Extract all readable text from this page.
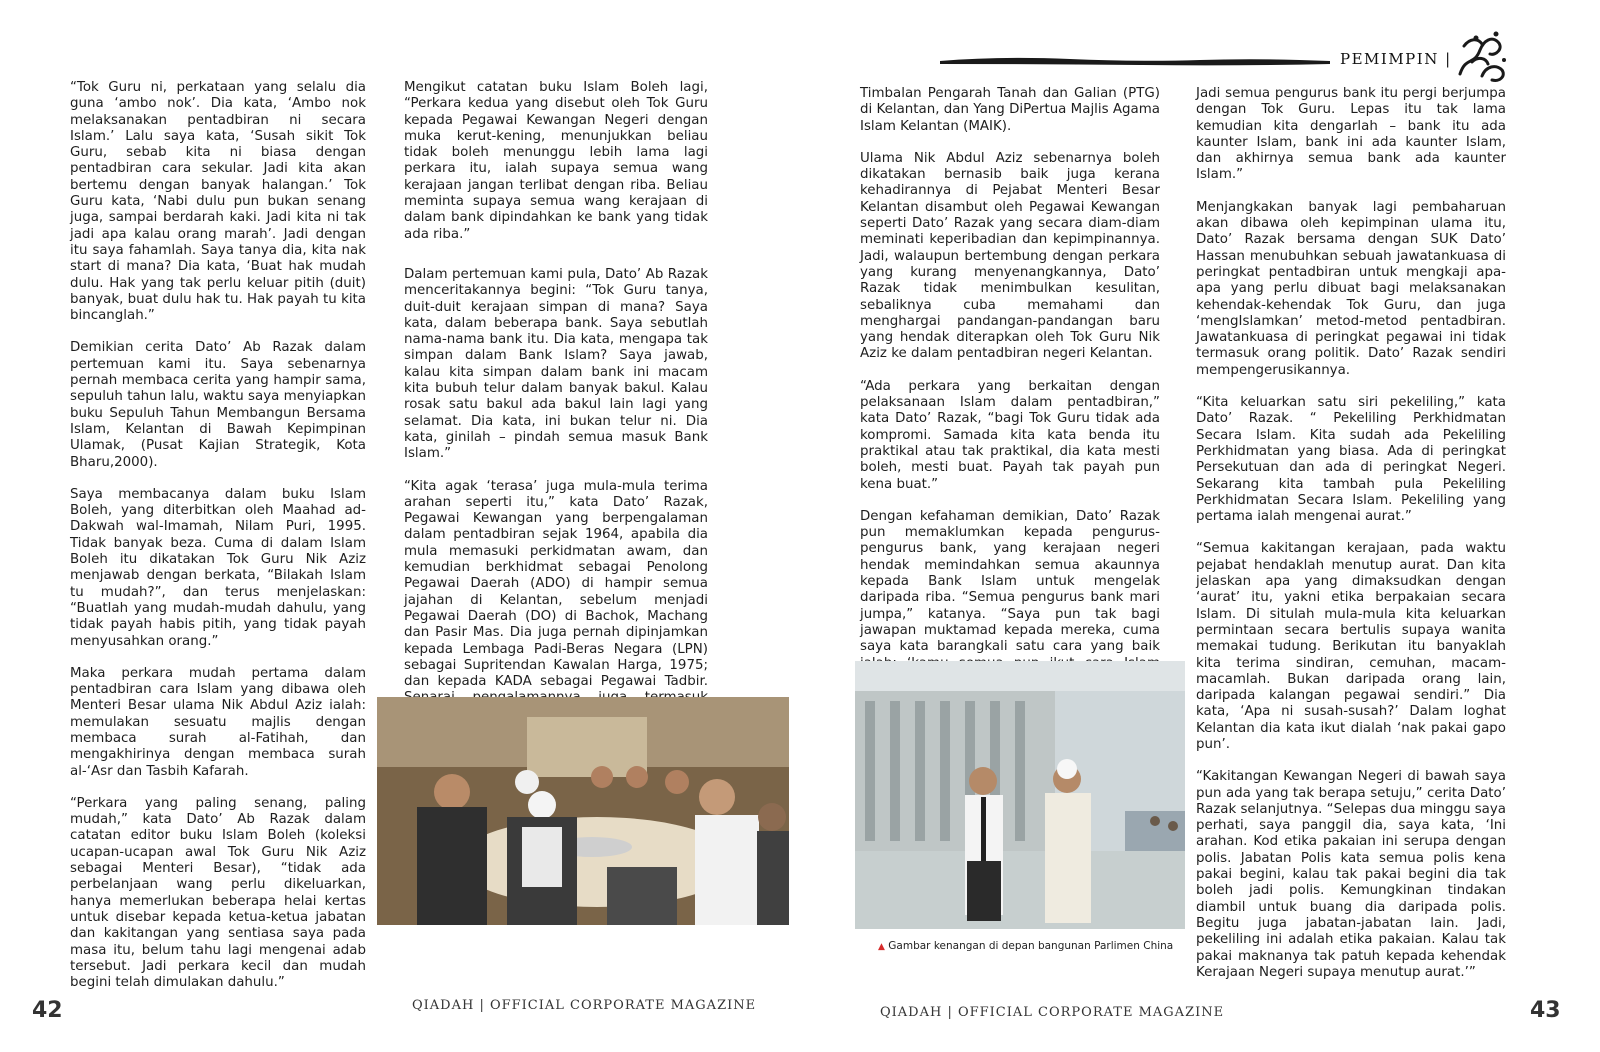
PEMIMPIN |

“Tok Guru ni, perkataan yang selalu dia guna ‘ambo nok’. Dia kata, ‘Ambo nok melaksanakan pentadbiran ni secara Islam.’ Lalu saya kata, ‘Susah sikit Tok Guru, sebab kita ni biasa dengan pentadbiran cara sekular. Jadi kita akan bertemu dengan banyak halangan.’ Tok Guru kata, ‘Nabi dulu pun bukan senang juga, sampai berdarah kaki. Jadi kita ni tak jadi apa kalau orang marah’. Jadi dengan itu saya fahamlah. Saya tanya dia, kita nak start di mana? Dia kata, ‘Buat hak mudah dulu. Hak yang tak perlu keluar pitih (duit) banyak, buat dulu hak tu. Hak payah tu kita bincanglah.”

Demikian cerita Dato’ Ab Razak dalam pertemuan kami itu. Saya sebenarnya pernah membaca cerita yang hampir sama, sepuluh tahun lalu, waktu saya menyiapkan buku Sepuluh Tahun Membangun Bersama Islam, Kelantan di Bawah Kepimpinan Ulamak, (Pusat Kajian Strategik, Kota Bharu,2000).

Saya membacanya dalam buku Islam Boleh, yang diterbitkan oleh Maahad ad-Dakwah wal-Imamah, Nilam Puri, 1995. Tidak banyak beza. Cuma di dalam Islam Boleh itu dikatakan Tok Guru Nik Aziz menjawab dengan berkata, “Bilakah Islam tu mudah?”, dan terus menjelaskan: “Buatlah yang mudah-mudah dahulu, yang tidak payah habis pitih, yang tidak payah menyusahkan orang.”

Maka perkara mudah pertama dalam pentadbiran cara Islam yang dibawa oleh Menteri Besar ulama Nik Abdul Aziz ialah: memulakan sesuatu majlis dengan membaca surah al-Fatihah, dan mengakhirinya dengan membaca surah al-‘Asr dan Tasbih Kafarah.

“Perkara yang paling senang, paling mudah,” kata Dato’ Ab Razak dalam catatan editor buku Islam Boleh (koleksi ucapan-ucapan awal Tok Guru Nik Aziz sebagai Menteri Besar), “tidak ada perbelanjaan wang perlu dikeluarkan, hanya memerlukan beberapa helai kertas untuk disebar kepada ketua-ketua jabatan dan kakitangan yang sentiasa saya pada masa itu, belum tahu lagi mengenai adab tersebut. Jadi perkara kecil dan mudah begini telah dimulakan dahulu.”

Mengikut catatan buku Islam Boleh lagi, “Perkara kedua yang disebut oleh Tok Guru kepada Pegawai Kewangan Negeri dengan muka kerut-kening, menunjukkan beliau tidak boleh menunggu lebih lama lagi perkara itu, ialah supaya semua wang kerajaan jangan terlibat dengan riba. Beliau meminta supaya semua wang kerajaan di dalam bank dipindahkan ke bank yang tidak ada riba.”

Dalam pertemuan kami pula, Dato’ Ab Razak menceritakannya begini: “Tok Guru tanya, duit-duit kerajaan simpan di mana? Saya kata, dalam beberapa bank. Saya sebutlah nama-nama bank itu. Dia kata, mengapa tak simpan dalam Bank Islam? Saya jawab, kalau kita simpan dalam bank ini macam kita bubuh telur dalam banyak bakul. Kalau rosak satu bakul ada bakul lain lagi yang selamat. Dia kata, ini bukan telur ni. Dia kata, ginilah – pindah semua masuk Bank Islam.”

“Kita agak ‘terasa’ juga mula-mula terima arahan seperti itu,” kata Dato’ Razak, Pegawai Kewangan yang berpengalaman dalam pentadbiran sejak 1964, apabila dia mula memasuki perkidmatan awam, dan kemudian berkhidmat sebagai Penolong Pegawai Daerah (ADO) di hampir semua jajahan di Kelantan, sebelum menjadi Pegawai Daerah (DO) di Bachok, Machang dan Pasir Mas. Dia juga pernah dipinjamkan kepada Lembaga Padi-Beras Negara (LPN) sebagai Supritendan Kawalan Harga, 1975; dan kepada KADA sebagai Pegawai Tadbir.

Timbalan Pengarah Tanah dan Galian (PTG) di Kelantan, dan Yang DiPertua Majlis Agama Islam Kelantan (MAIK).

Ulama Nik Abdul Aziz sebenarnya boleh dikatakan bernasib baik juga kerana kehadirannya di Pejabat Menteri Besar Kelantan disambut oleh Pegawai Kewangan seperti Dato’ Razak yang secara diam-diam meminati keperibadian dan kepimpinannya. Jadi, walaupun bertembung dengan perkara yang kurang menyenangkannya, Dato’ Razak tidak menimbulkan kesulitan, sebaliknya cuba memahami dan menghargai pandangan-pandangan baru yang hendak diterapkan oleh Tok Guru Nik Aziz ke dalam pentadbiran negeri Kelantan.

“Ada perkara yang berkaitan dengan pelaksanaan Islam dalam pentadbiran,” kata Dato’ Razak, “bagi Tok Guru tidak ada kompromi. Samada kita kata benda itu praktikal atau tak praktikal, dia kata mesti boleh, mesti buat. Payah tak payah pun kena buat.”

Dengan kefahaman demikian, Dato’ Razak pun memaklumkan kepada pengurus-pengurus bank, yang kerajaan negeri hendak memindahkan semua akaunnya kepada Bank Islam untuk mengelak daripada riba. “Semua pengurus bank mari jumpa,” katanya. “Saya pun tak bagi jawapan muktamad kepada mereka, cuma saya kata barangkali satu cara yang baik

Jadi semua pengurus bank itu pergi berjumpa dengan Tok Guru. Lepas itu tak lama kemudian kita dengarlah – bank itu ada kaunter Islam, bank ini ada kaunter Islam, dan akhirnya semua bank ada kaunter Islam.”

Menjangkakan banyak lagi pembaharuan akan dibawa oleh kepimpinan ulama itu, Dato’ Razak bersama dengan SUK Dato’ Hassan menubuhkan sebuah jawatankuasa di peringkat pentadbiran untuk mengkaji apa-apa yang perlu dibuat bagi melaksanakan kehendak-kehendak Tok Guru, dan juga ‘mengIslamkan’ metod-metod pentadbiran. Jawatankuasa di peringkat pegawai ini tidak termasuk orang politik. Dato’ Razak sendiri mempengerusikannya.

“Kita keluarkan satu siri pekeliling,” kata Dato’ Razak. “ Pekeliling Perkhidmatan Secara Islam. Kita sudah ada Pekeliling Perkhidmatan yang biasa. Ada di peringkat Persekutuan dan ada di peringkat Negeri. Sekarang kita tambah pula Pekeliling Perkhidmatan Secara Islam. Pekeliling yang pertama ialah mengenai aurat.”

“Semua kakitangan kerajaan, pada waktu pejabat hendaklah menutup aurat. Dan kita jelaskan apa yang dimaksudkan dengan ‘aurat’ itu, yakni etika berpakaian secara Islam. Di situlah mula-mula kita keluarkan permintaan secara bertulis supaya wanita memakai tudung. Berikutan itu banyaklah kita terima sindiran, cemuhan, macam-macamlah. Bukan daripada orang lain, daripada kalangan pegawai sendiri.” Dia kata, ‘Apa ni susah-susah?’ Dalam loghat Kelantan dia kata ikut dialah ‘nak pakai gapo pun’.

“Kakitangan Kewangan Negeri di bawah saya pun ada yang tak berapa setuju,” cerita Dato’ Razak selanjutnya. “Selepas dua minggu saya perhati, saya panggil dia, saya kata, ‘Ini arahan. Kod etika pakaian ini serupa dengan polis. Jabatan Polis kata semua polis kena pakai begini, kalau tak pakai begini dia tak boleh jadi polis. Kemungkinan tindakan diambil untuk buang dia daripada polis. Begitu juga jabatan-jabatan lain. Jadi, pekeliling ini adalah etika pakaian. Kalau tak pakai maknanya tak patuh kepada kehendak Kerajaan Negeri supaya menutup aurat.’”

▲ Gambar kenangan di depan bangunan Parlimen China
42	QIADAH | OFFICIAL CORPORATE MAGAZINE	QIADAH | OFFICIAL CORPORATE MAGAZINE	43
